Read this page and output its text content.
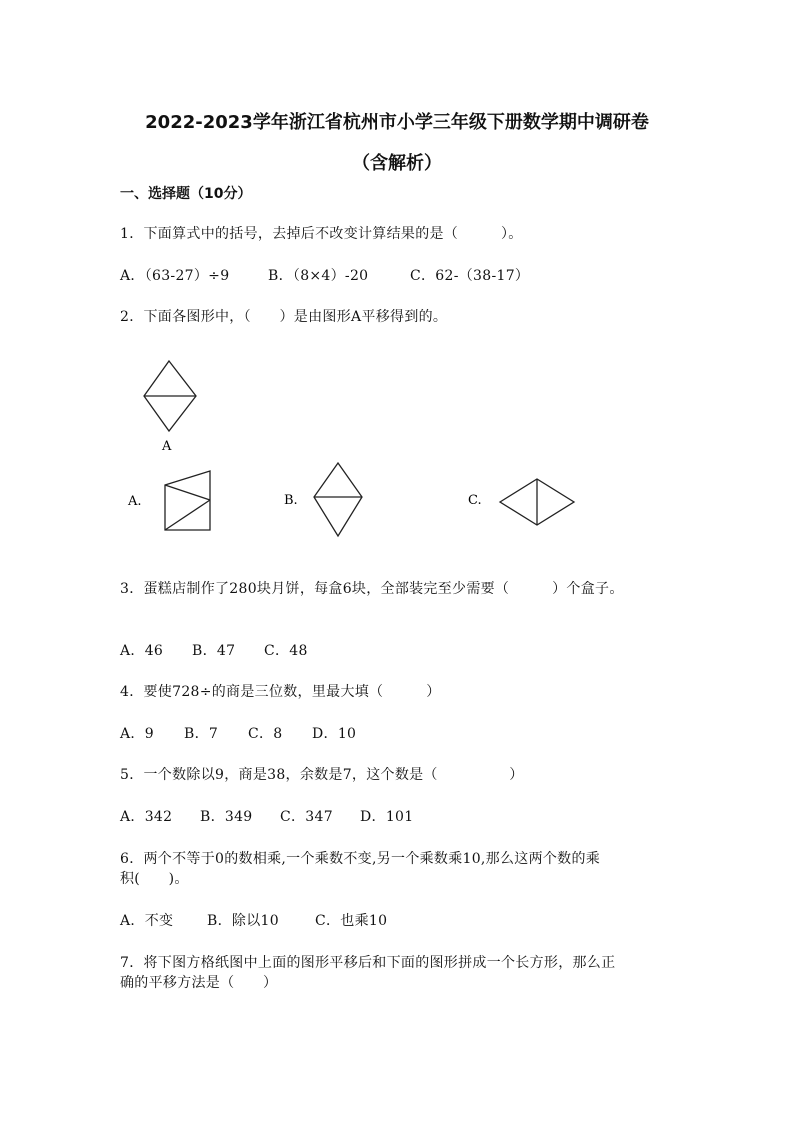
2022-2023学年浙江省杭州市小学三年级下册数学期中调研卷
（含解析）
一、选择题（10分）
1．下面算式中的括号，去掉后不改变计算结果的是（　　　）。
A．（63-27）÷9	B．（8×4）-20	C．62-（38-17）
2．下面各图形中，（　　）是由图形A平移得到的。
A
A.	B.	C.
3．蛋糕店制作了280块月饼，每盒6块，全部装完至少需要（　　　）个盒子。
A．46 B．47 C．48
4．要使728÷的商是三位数，里最大填（　　　）
A．9 B．7 C．8 D．10
5．一个数除以9，商是38，余数是7，这个数是（　　　　　）
A．342 B．349 C．347 D．101
6．两个不等于0的数相乘,一个乘数不变,另一个乘数乘10,那么这两个数的乘
积(　　)。
A．不变 B．除以10	C．也乘10
7．将下图方格纸图中上面的图形平移后和下面的图形拼成一个长方形，那么正
确的平移方法是（　　）
